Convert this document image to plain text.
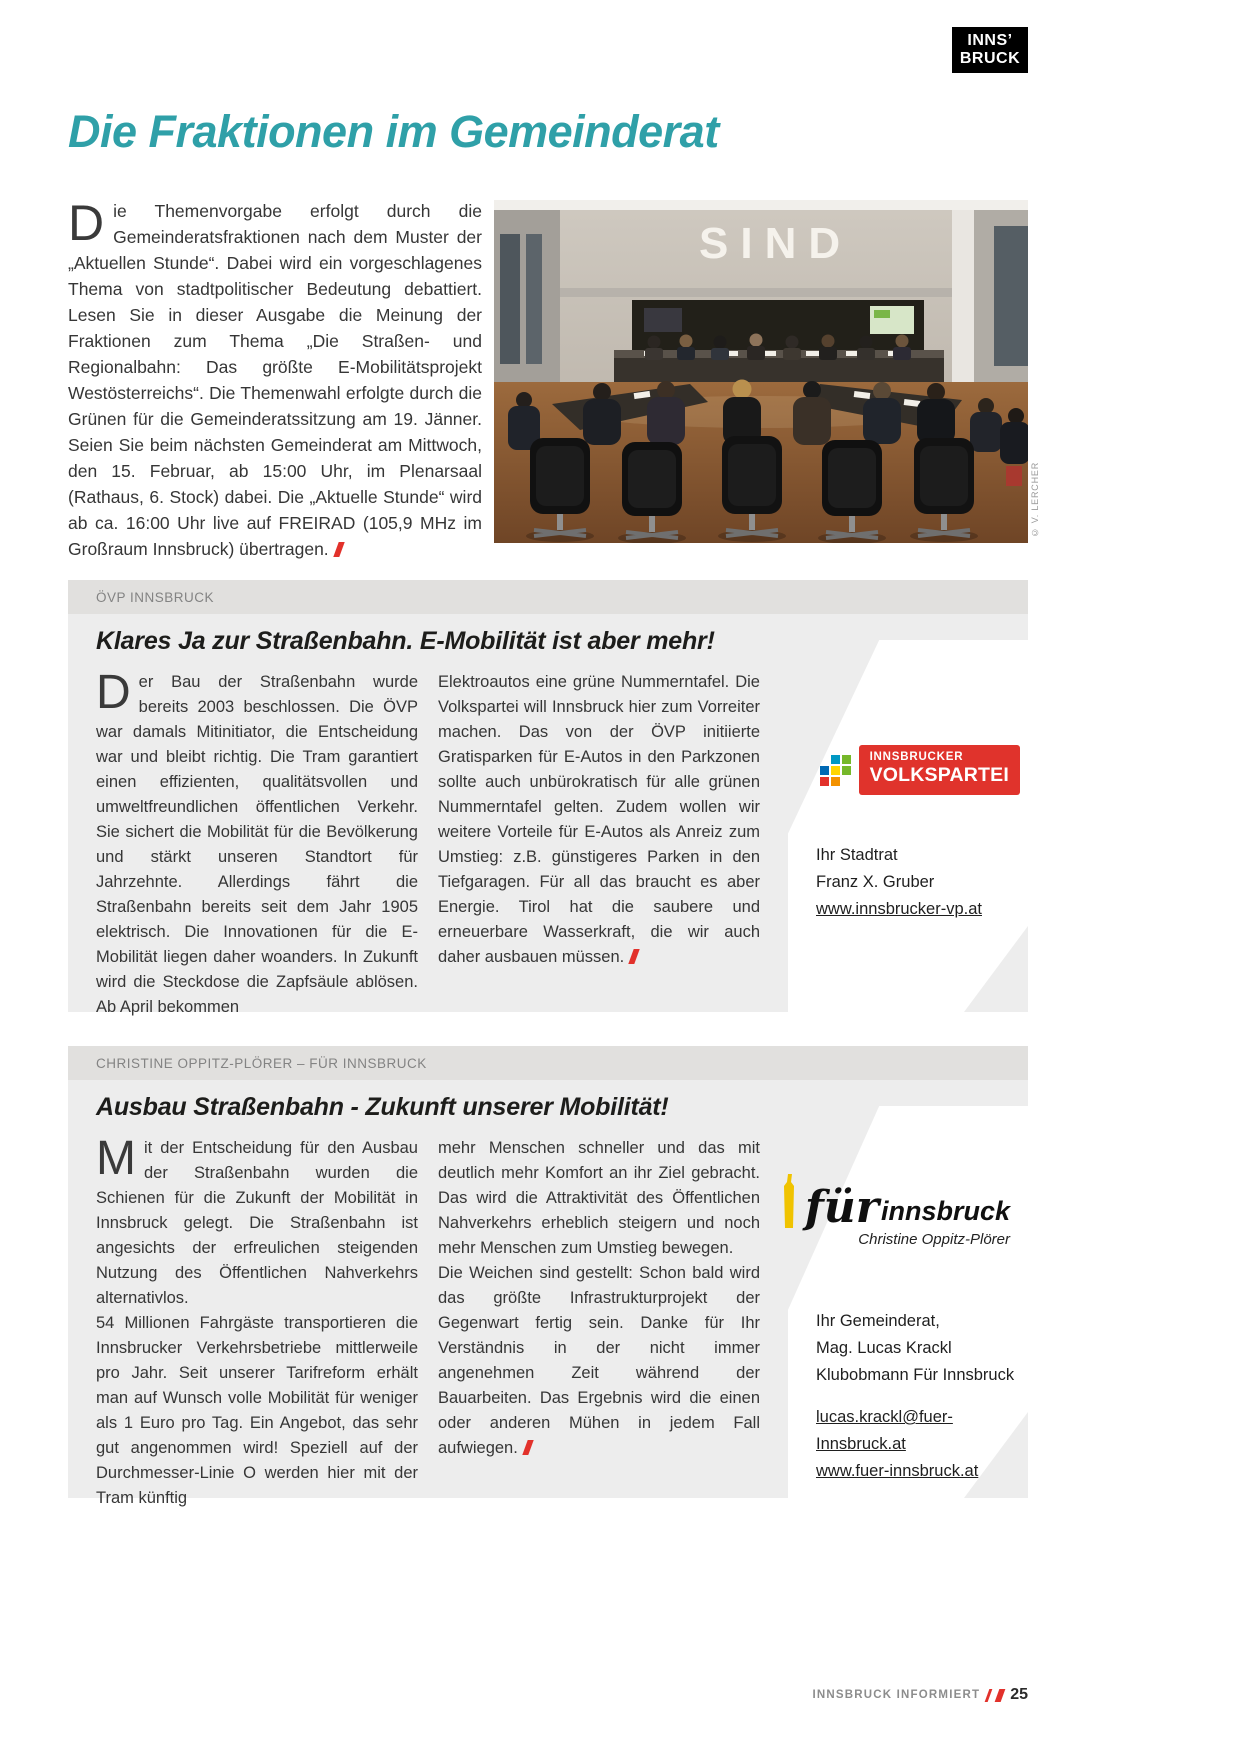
INNS’
BRUCK
Die Fraktionen im Gemeinderat

Die Themenvorgabe erfolgt durch die Gemeinderatsfraktionen nach dem Muster der „Aktuellen Stunde“. Dabei wird ein vorgeschlagenes Thema von stadtpolitischer Bedeutung debattiert. Lesen Sie in dieser Ausgabe die Meinung der Fraktionen zum Thema „Die Straßen- und Regionalbahn: Das größte E-Mobilitätsprojekt Westösterreichs“. Die Themenwahl erfolgte durch die Grünen für die Gemeinderatssitzung am 19. Jänner. Seien Sie beim nächsten Gemeinderat am Mittwoch, den 15. Februar, ab 15:00 Uhr, im Plenarsaal (Rathaus, 6. Stock) dabei. Die „Aktuelle Stunde“ wird ab ca. 16:00 Uhr live auf FREIRAD (105,9 MHz im Großraum Innsbruck) übertragen.

SIND
© V. LERCHER
ÖVP INNSBRUCK
Klares Ja zur Straßenbahn. E-Mobilität ist aber mehr!

Der Bau der Straßenbahn wurde bereits 2003 beschlossen. Die ÖVP war damals Mitinitiator, die Entscheidung war und bleibt richtig. Die Tram garantiert einen effizienten, qualitätsvollen und umweltfreundlichen öffentlichen Verkehr. Sie sichert die Mobilität für die Bevölkerung und stärkt unseren Standtort für Jahrzehnte. Allerdings fährt die Straßenbahn bereits seit dem Jahr 1905 elektrisch. Die Innovationen für die E-Mobilität liegen daher woanders. In Zukunft wird die Steckdose die Zapfsäule ablösen. Ab April bekommen

Elektroautos eine grüne Nummerntafel. Die Volkspartei will Innsbruck hier zum Vorreiter machen. Das von der ÖVP initiierte Gratisparken für E-Autos in den Parkzonen sollte auch unbürokratisch für alle grünen Nummerntafel gelten. Zudem wollen wir weitere Vorteile für E-Autos als Anreiz zum Umstieg: z.B. günstigeres Parken in den Tiefgaragen. Für all das braucht es aber Energie. Tirol hat die saubere und erneuerbare Wasserkraft, die wir auch daher ausbauen müssen.

INNSBRUCKER
VOLKSPARTEI
Ihr Stadtrat
Franz X. Gruber
www.innsbrucker-vp.at
CHRISTINE OPPITZ-PLÖRER – FÜR INNSBRUCK
Ausbau Straßenbahn - Zukunft unserer Mobilität!

Mit der Entscheidung für den Ausbau der Straßenbahn wurden die Schienen für die Zukunft der Mobilität in Innsbruck gelegt. Die Straßenbahn ist angesichts der erfreulichen steigenden Nutzung des Öffentlichen Nahverkehrs alternativlos.
54 Millionen Fahrgäste transportieren die Innsbrucker Verkehrsbetriebe mittlerweile pro Jahr. Seit unserer Tarifreform erhält man auf Wunsch volle Mobilität für weniger als 1 Euro pro Tag. Ein Angebot, das sehr gut angenommen wird! Speziell auf der Durchmesser-Linie O werden hier mit der Tram künftig

mehr Menschen schneller und das mit deutlich mehr Komfort an ihr Ziel gebracht. Das wird die Attraktivität des Öffentlichen Nahverkehrs erheblich steigern und noch mehr Menschen zum Umstieg bewegen.
Die Weichen sind gestellt: Schon bald wird das größte Infrastrukturprojekt der Gegenwart fertig sein. Danke für Ihr Verständnis in der nicht immer angenehmen Zeit während der Bauarbeiten. Das Ergebnis wird die einen oder anderen Mühen in jedem Fall aufwiegen.

für innsbruck
Christine Oppitz-Plörer
Ihr Gemeinderat,
Mag. Lucas Krackl
Klubobmann Für Innsbruck
lucas.krackl@fuer-Innsbruck.at
www.fuer-innsbruck.at
INNSBRUCK INFORMIERT 25
